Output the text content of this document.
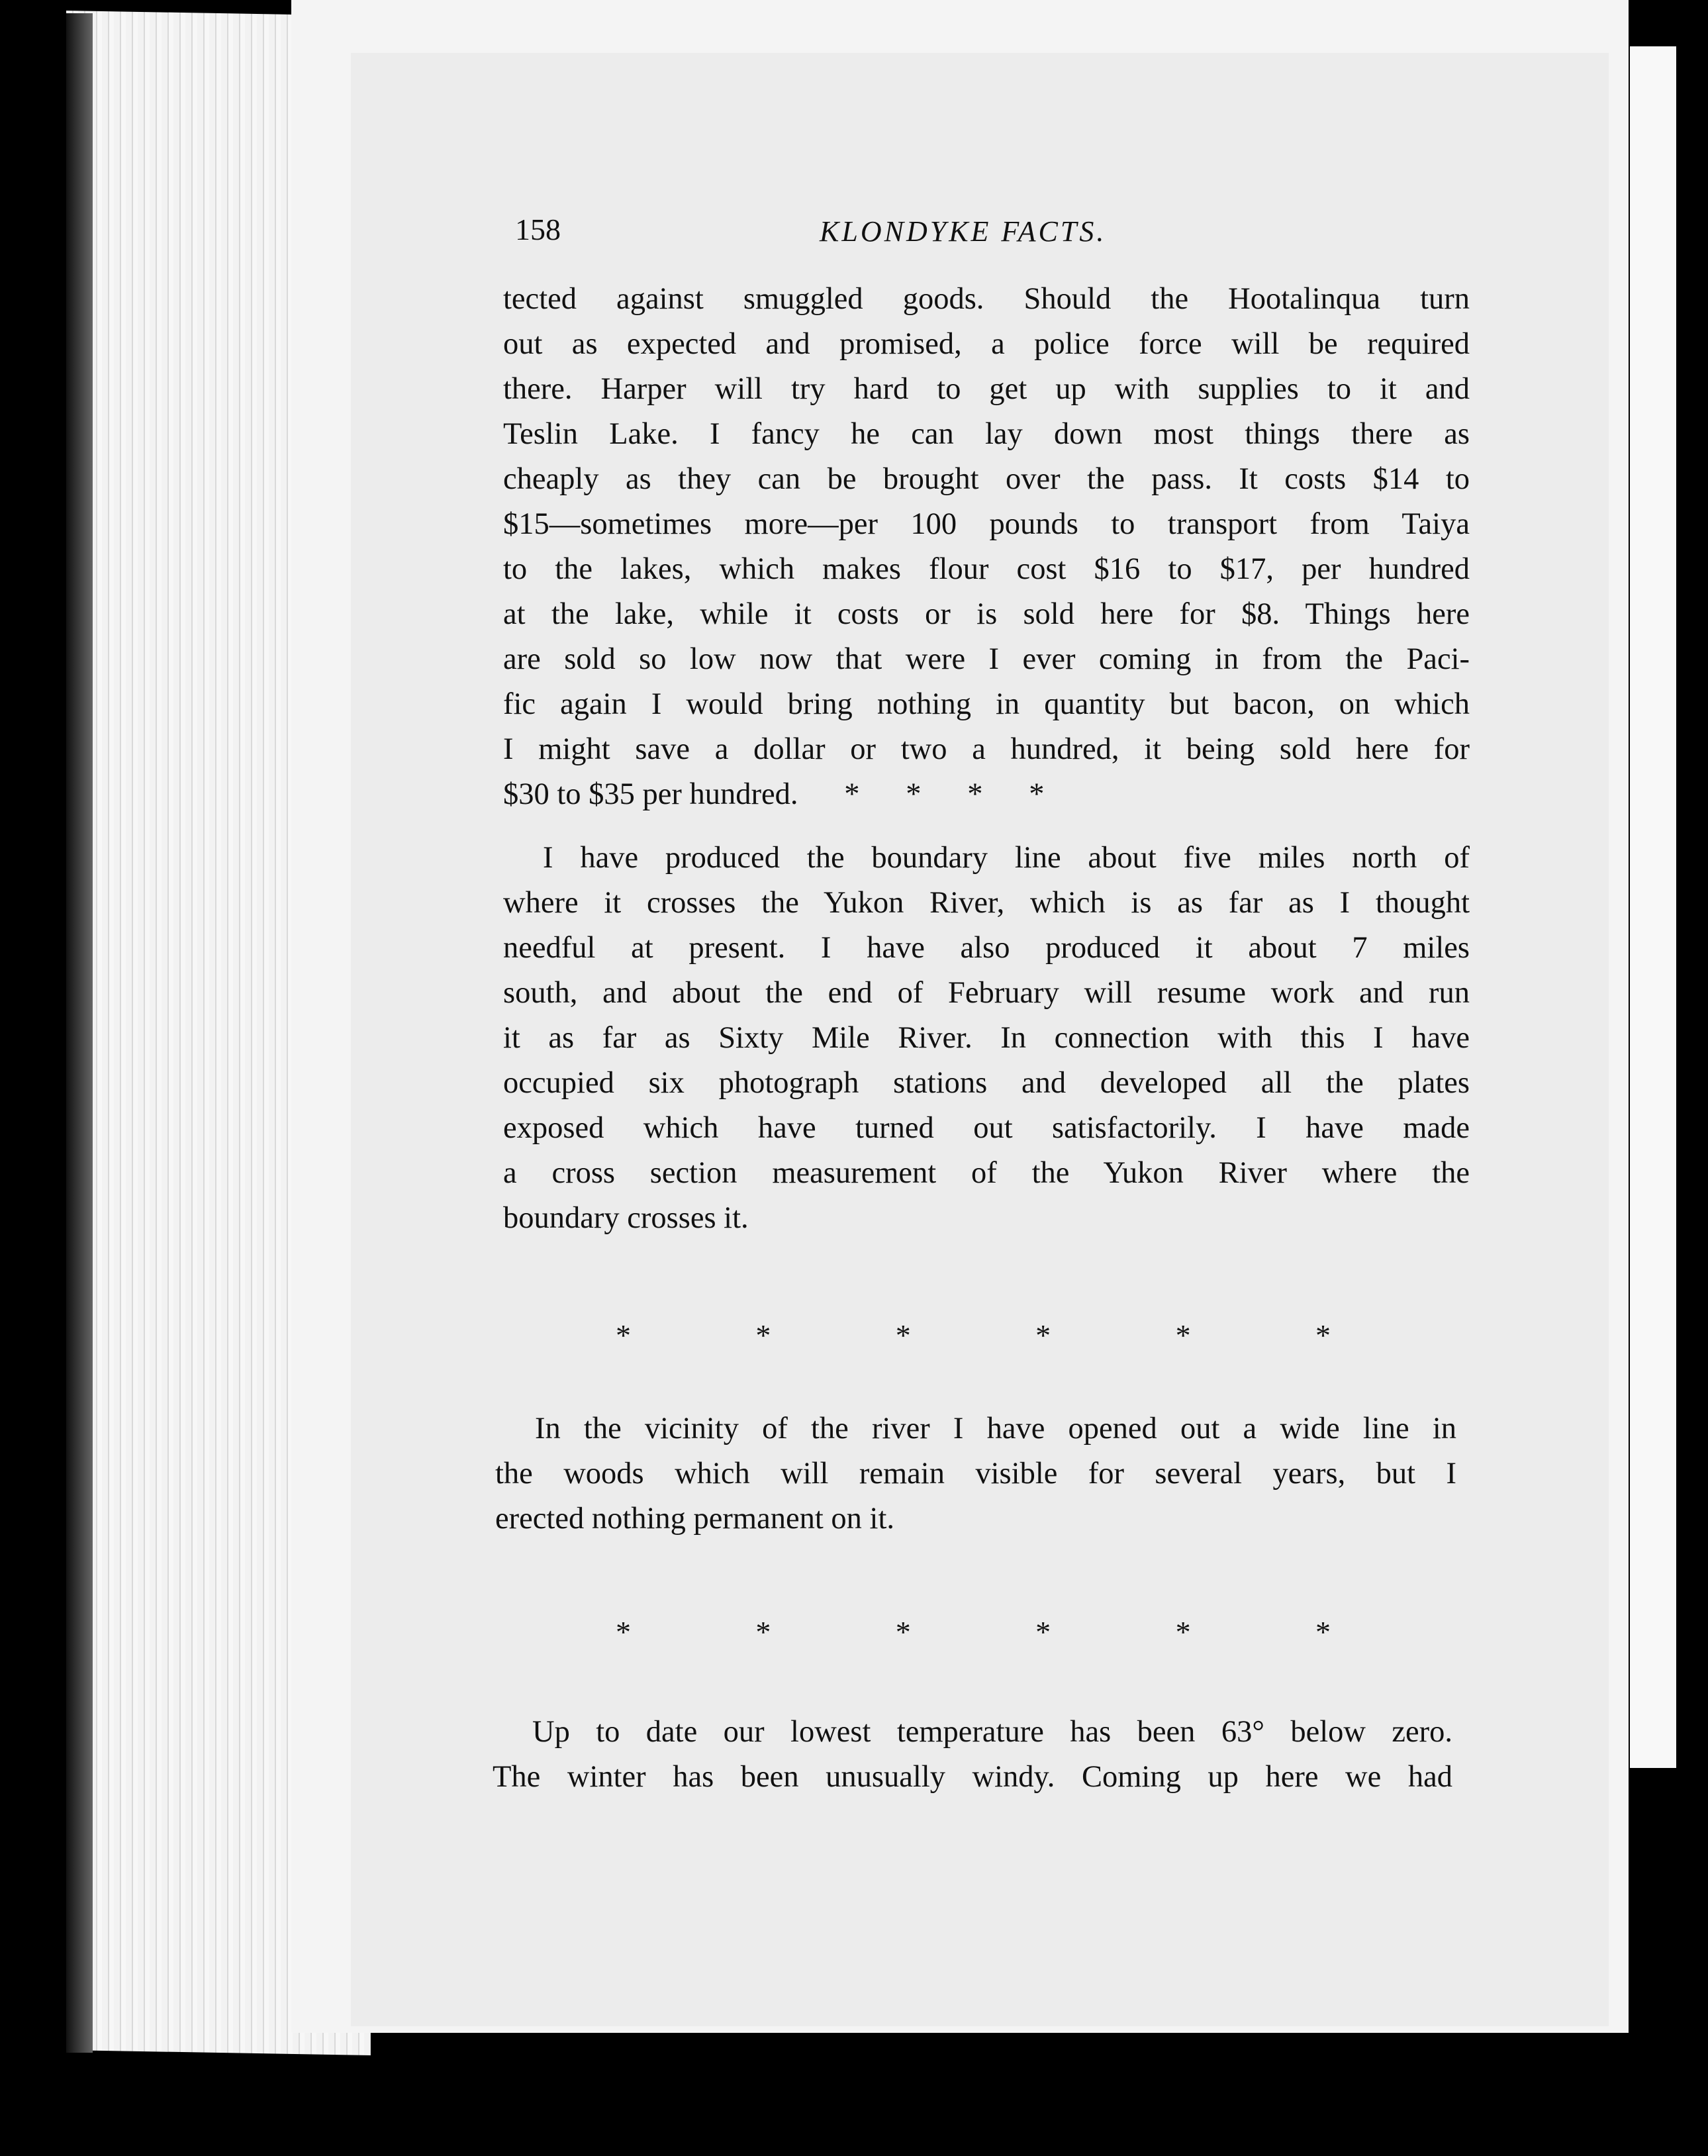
158	KLONDYKE FACTS.
tected against smuggled goods. Should the Hootalinqua turn
out as expected and promised, a police force will be required
there. Harper will try hard to get up with supplies to it and
Teslin Lake. I fancy he can lay down most things there as
cheaply as they can be brought over the pass. It costs $14 to
$15—sometimes more—per 100 pounds to transport from Taiya
to the lakes, which makes flour cost $16 to $17, per hundred
at the lake, while it costs or is sold here for $8. Things here
are sold so low now that were I ever coming in from the Paci-
fic again I would bring nothing in quantity but bacon, on which
I might save a dollar or two a hundred, it being sold here for
$30 to $35 per hundred.      *      *      *      *
I have produced the boundary line about five miles north of
where it crosses the Yukon River, which is as far as I thought
needful at present. I have also produced it about 7 miles
south, and about the end of February will resume work and run
it as far as Sixty Mile River. In connection with this I have
occupied six photograph stations and developed all the plates
exposed which have turned out satisfactorily. I have made
a cross section measurement of the Yukon River where the
boundary crosses it.
*	*	*	*	*	*
In the vicinity of the river I have opened out a wide line in
the woods which will remain visible for several years, but I
erected nothing permanent on it.
*	*	*	*	*	*
Up to date our lowest temperature has been 63° below zero.
The winter has been unusually windy. Coming up here we had
